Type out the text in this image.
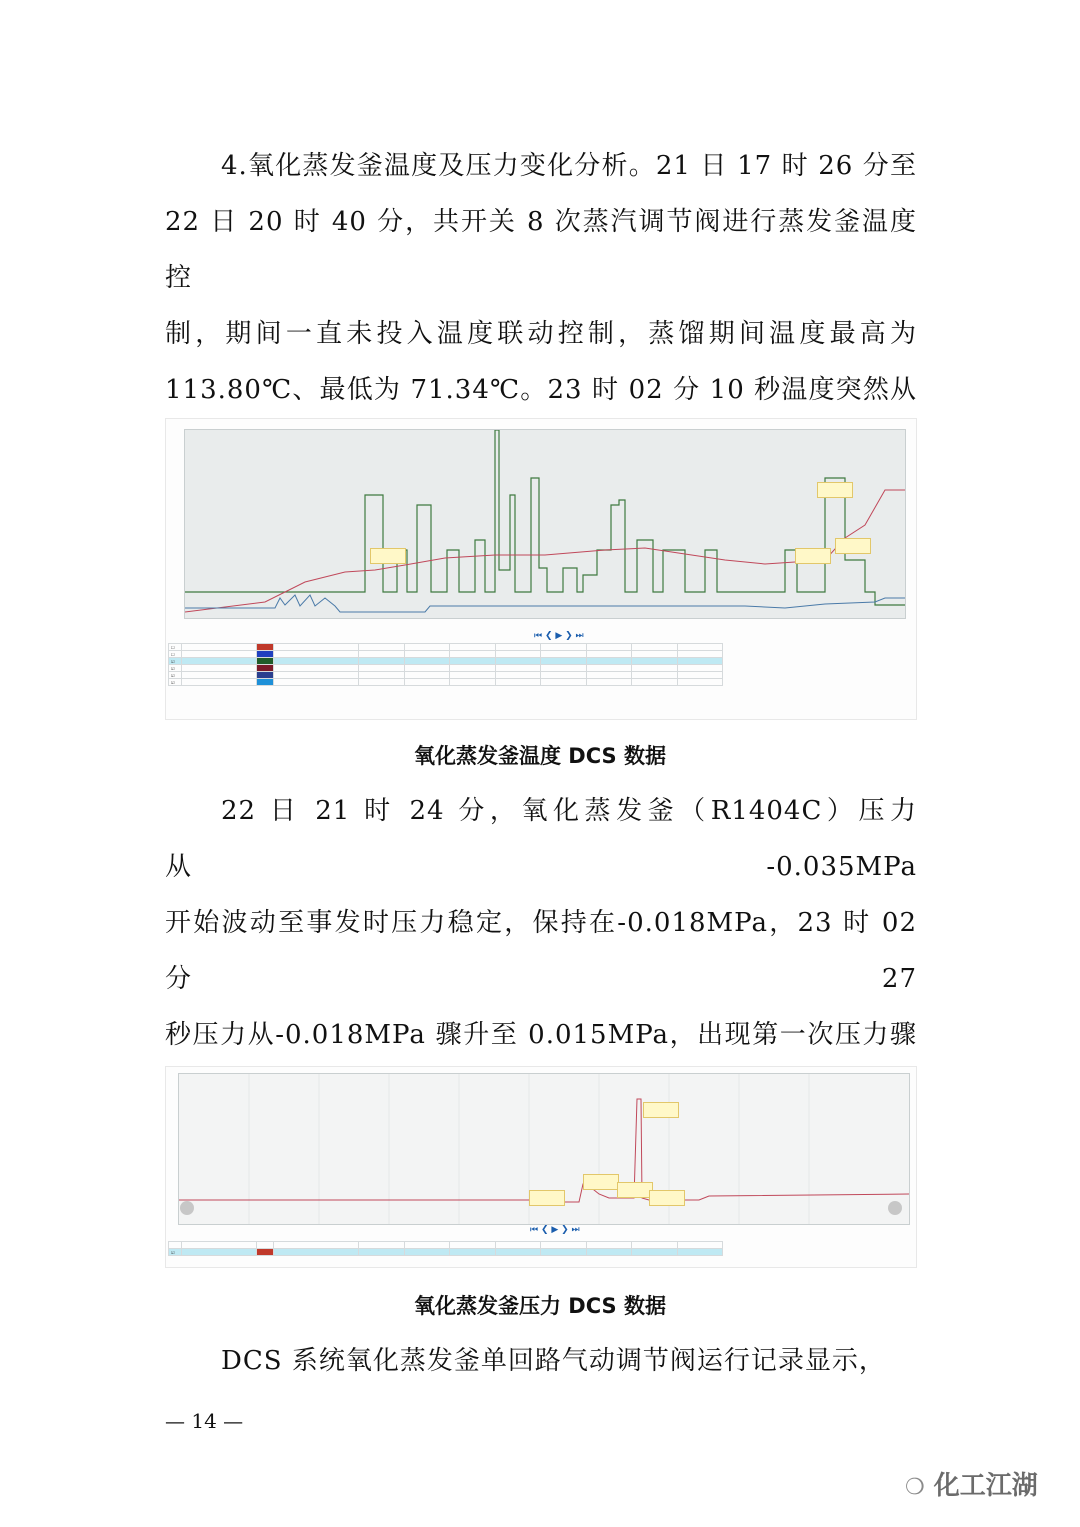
4.氧化蒸发釜温度及压力变化分析。21 日 17 时 26 分至

22 日 20 时 40 分，共开关 8 次蒸汽调节阀进行蒸发釜温度控

制，期间一直未投入温度联动控制，蒸馏期间温度最高为

113.80℃、最低为 71.34℃。23 时 02 分 10 秒温度突然从

⏮ ❮ ▶ ❯ ⏭
☐											
☐											
☑											
☑											
☑											
☑											
氧化蒸发釜温度 DCS 数据

22 日 21 时 24 分，氧化蒸发釜（R1404C）压力从-0.035MPa

开始波动至事发时压力稳定，保持在-0.018MPa，23 时 02 分 27

秒压力从-0.018MPa 骤升至 0.015MPa，出现第一次压力骤

⏮ ❮ ▶ ❯ ⏭

☑											
氧化蒸发釜压力 DCS 数据

DCS 系统氧化蒸发釜单回路气动调节阀运行记录显示，

— 14 —
❍ 化工江湖
